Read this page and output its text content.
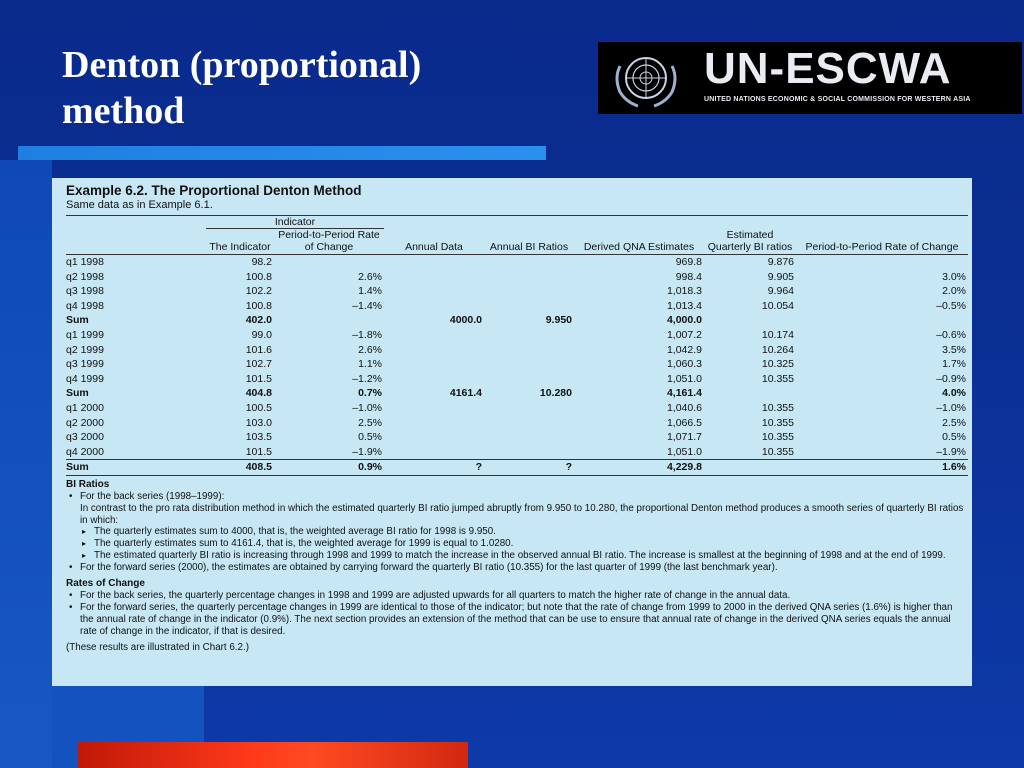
Denton (proportional)
method
UN-ESCWA
UNITED NATIONS ECONOMIC & SOCIAL COMMISSION FOR WESTERN ASIA

Example 6.2. The Proportional Denton Method

Same data as in Example 6.1.

	Indicator						
	The Indicator	Period-to-Period Rate of Change	Annual Data	Annual BI Ratios	Derived QNA Estimates	Estimated Quarterly BI ratios	Period-to-Period Rate of Change
q1 1998	98.2				969.8	9.876	
q2 1998	100.8	2.6%			998.4	9.905	3.0%
q3 1998	102.2	1.4%			1,018.3	9.964	2.0%
q4 1998	100.8	–1.4%			1,013.4	10.054	–0.5%
Sum	402.0		4000.0	9.950	4,000.0		
q1 1999	99.0	–1.8%			1,007.2	10.174	–0.6%
q2 1999	101.6	2.6%			1,042.9	10.264	3.5%
q3 1999	102.7	1.1%			1,060.3	10.325	1.7%
q4 1999	101.5	–1.2%			1,051.0	10.355	–0.9%
Sum	404.8	0.7%	4161.4	10.280	4,161.4		4.0%
q1 2000	100.5	–1.0%			1,040.6	10.355	–1.0%
q2 2000	103.0	2.5%			1,066.5	10.355	2.5%
q3 2000	103.5	0.5%			1,071.7	10.355	0.5%
q4 2000	101.5	–1.9%			1,051.0	10.355	–1.9%
Sum	408.5	0.9%	?	?	4,229.8		1.6%
BI Ratios
• For the back series (1998–1999):

In contrast to the pro rata distribution method in which the estimated quarterly BI ratio jumped abruptly from 9.950 to 10.280, the proportional Denton method produces a smooth series of quarterly BI ratios in which:

▸ The quarterly estimates sum to 4000, that is, the weighted average BI ratio for 1998 is 9.950.
▸ The quarterly estimates sum to 4161.4, that is, the weighted average for 1999 is equal to 1.0280.
▸ The estimated quarterly BI ratio is increasing through 1998 and 1999 to match the increase in the observed annual BI ratio. The increase is smallest at the beginning of 1998 and at the end of 1999.
• For the forward series (2000), the estimates are obtained by carrying forward the quarterly BI ratio (10.355) for the last quarter of 1999 (the last benchmark year).
Rates of Change
• For the back series, the quarterly percentage changes in 1998 and 1999 are adjusted upwards for all quarters to match the higher rate of change in the annual data.
• For the forward series, the quarterly percentage changes in 1999 are identical to those of the indicator; but note that the rate of change from 1999 to 2000 in the derived QNA series (1.6%) is higher than the annual rate of change in the indicator (0.9%). The next section provides an extension of the method that can be use to ensure that annual rate of change in the derived QNA series equals the annual rate of change in the indicator, if that is desired.

(These results are illustrated in Chart 6.2.)
